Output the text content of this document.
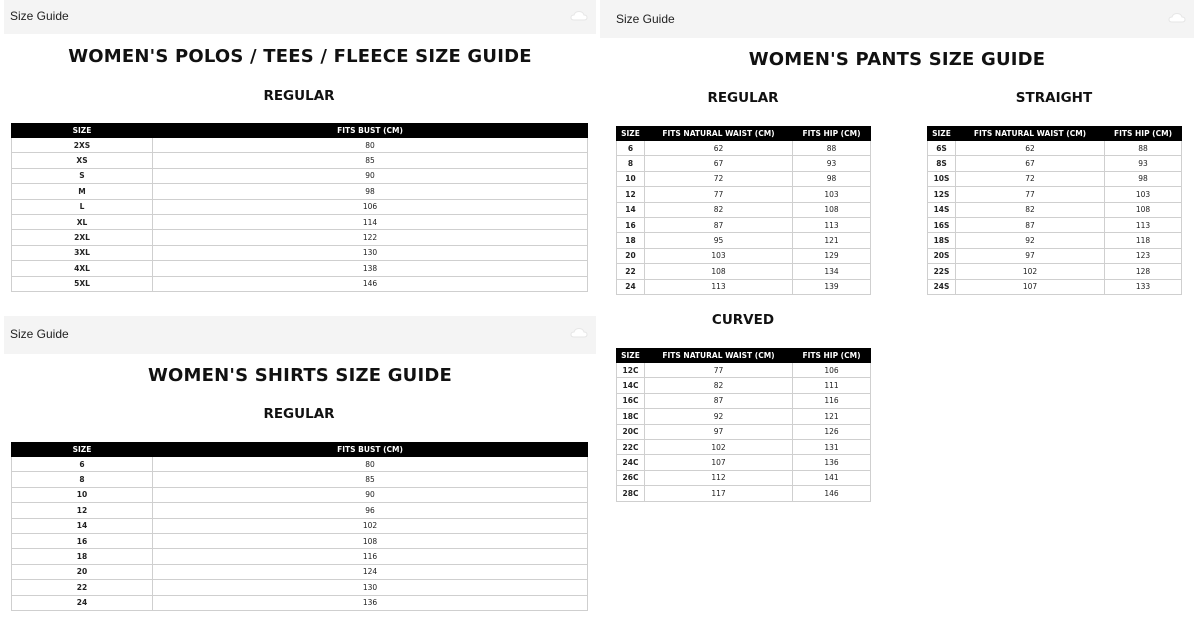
Size Guide
WOMEN'S POLOS / TEES / FLEECE SIZE GUIDE
REGULAR
SIZE	FITS BUST (CM)
2XS	80
XS	85
S	90
M	98
L	106
XL	114
2XL	122
3XL	130
4XL	138
5XL	146
Size Guide
WOMEN'S SHIRTS SIZE GUIDE
REGULAR
SIZE	FITS BUST (CM)
6	80
8	85
10	90
12	96
14	102
16	108
18	116
20	124
22	130
24	136
Size Guide
WOMEN'S PANTS SIZE GUIDE
REGULAR	STRAIGHT
SIZE	FITS NATURAL WAIST (CM)	FITS HIP (CM)
6	62	88
8	67	93
10	72	98
12	77	103
14	82	108
16	87	113
18	95	121
20	103	129
22	108	134
24	113	139
SIZE	FITS NATURAL WAIST (CM)	FITS HIP (CM)
6S	62	88
8S	67	93
10S	72	98
12S	77	103
14S	82	108
16S	87	113
18S	92	118
20S	97	123
22S	102	128
24S	107	133
CURVED
SIZE	FITS NATURAL WAIST (CM)	FITS HIP (CM)
12C	77	106
14C	82	111
16C	87	116
18C	92	121
20C	97	126
22C	102	131
24C	107	136
26C	112	141
28C	117	146
